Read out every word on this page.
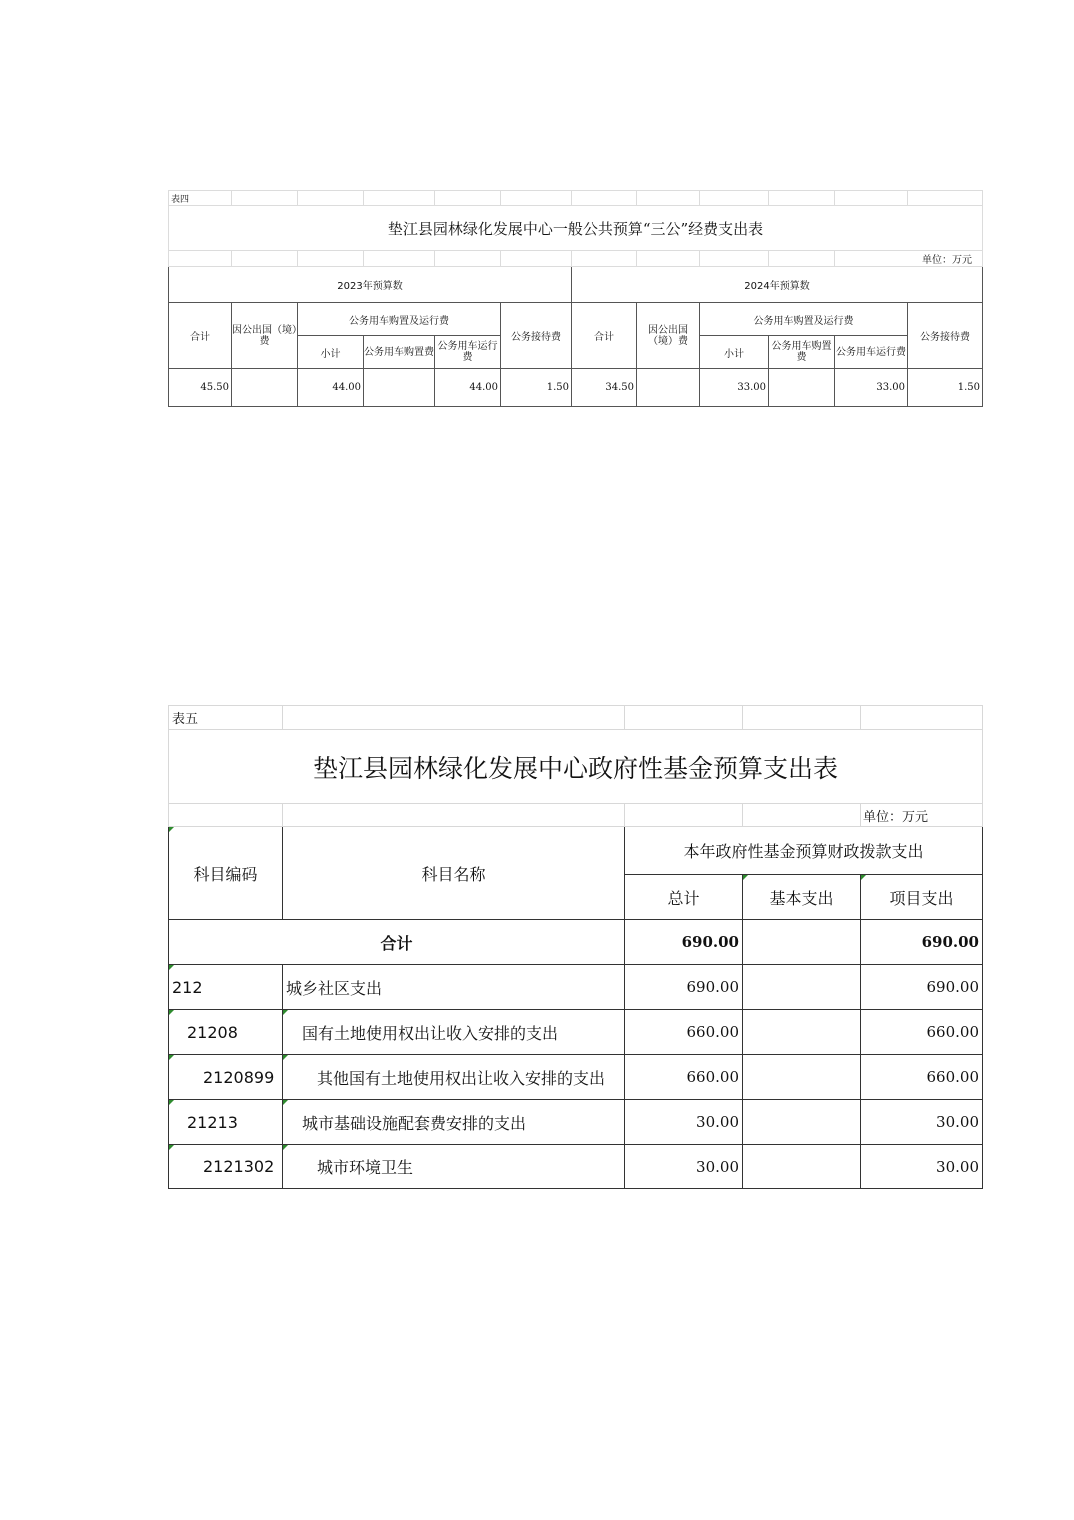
表四											
垫江县园林绿化发展中心一般公共预算“三公”经费支出表											
										单位：万元	
2023年预算数						2024年预算数					
合计	因公出国（境）费	公务用车购置及运行费			公务接待费	合计	因公出国（境）费	公务用车购置及运行费			公务接待费
		小计	公务用车购置费	公务用车运行费				小计	公务用车购置费	公务用车运行费	
45.50		44.00		44.00	1.50	34.50		33.00		33.00	1.50
表五				
垫江县园林绿化发展中心政府性基金预算支出表				
				单位：万元
科目编码	科目名称	本年政府性基金预算财政拨款支出		
		总计	基本支出	项目支出
合计		690.00		690.00
212	城乡社区支出	690.00		690.00
21208	国有土地使用权出让收入安排的支出	660.00		660.00
2120899	其他国有土地使用权出让收入安排的支出	660.00		660.00
21213	城市基础设施配套费安排的支出	30.00		30.00
2121302	城市环境卫生	30.00		30.00
